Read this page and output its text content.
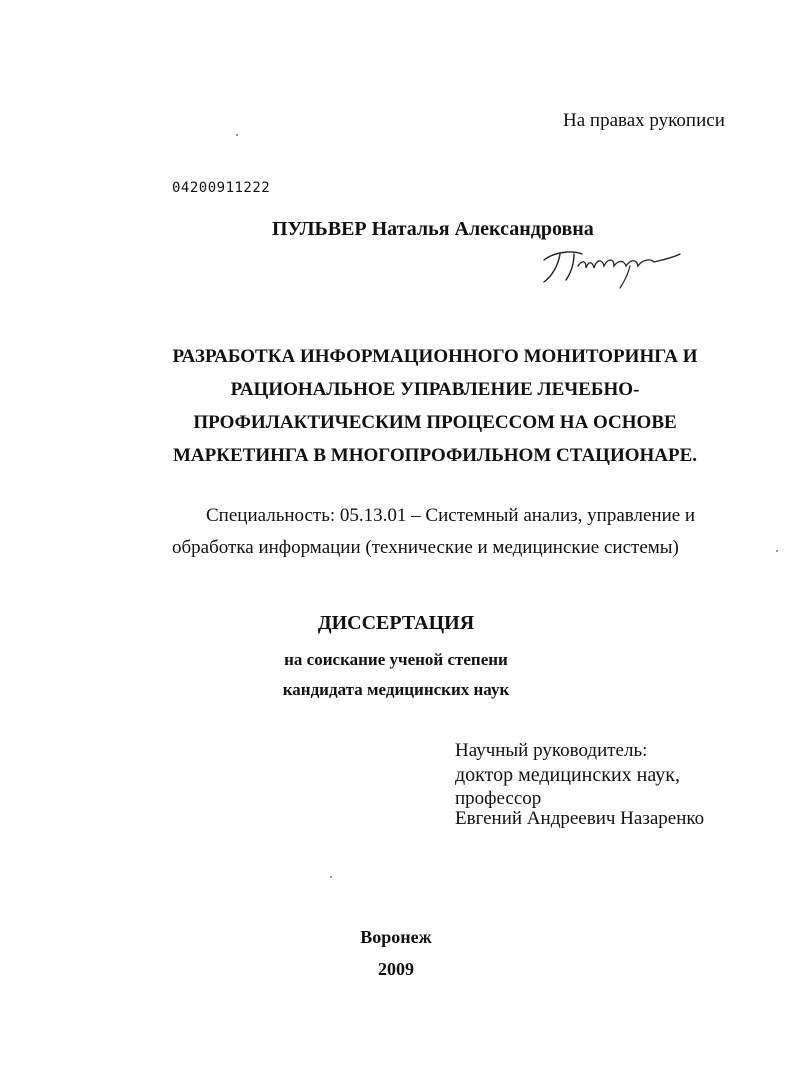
На правах рукописи
04200911222
ПУЛЬВЕР Наталья Александровна
РАЗРАБОТКА ИНФОРМАЦИОННОГО МОНИТОРИНГА И
РАЦИОНАЛЬНОЕ УПРАВЛЕНИЕ ЛЕЧЕБНО-
ПРОФИЛАКТИЧЕСКИМ ПРОЦЕССОМ НА ОСНОВЕ
МАРКЕТИНГА В МНОГОПРОФИЛЬНОМ СТАЦИОНАРЕ.
Специальность: 05.13.01 – Системный анализ, управление и
обработка информации (технические и медицинские системы)
ДИССЕРТАЦИЯ
на соискание ученой степени
кандидата медицинских наук
Научный руководитель:
доктор медицинских наук,
профессор
Евгений Андреевич Назаренко
Воронеж
2009
